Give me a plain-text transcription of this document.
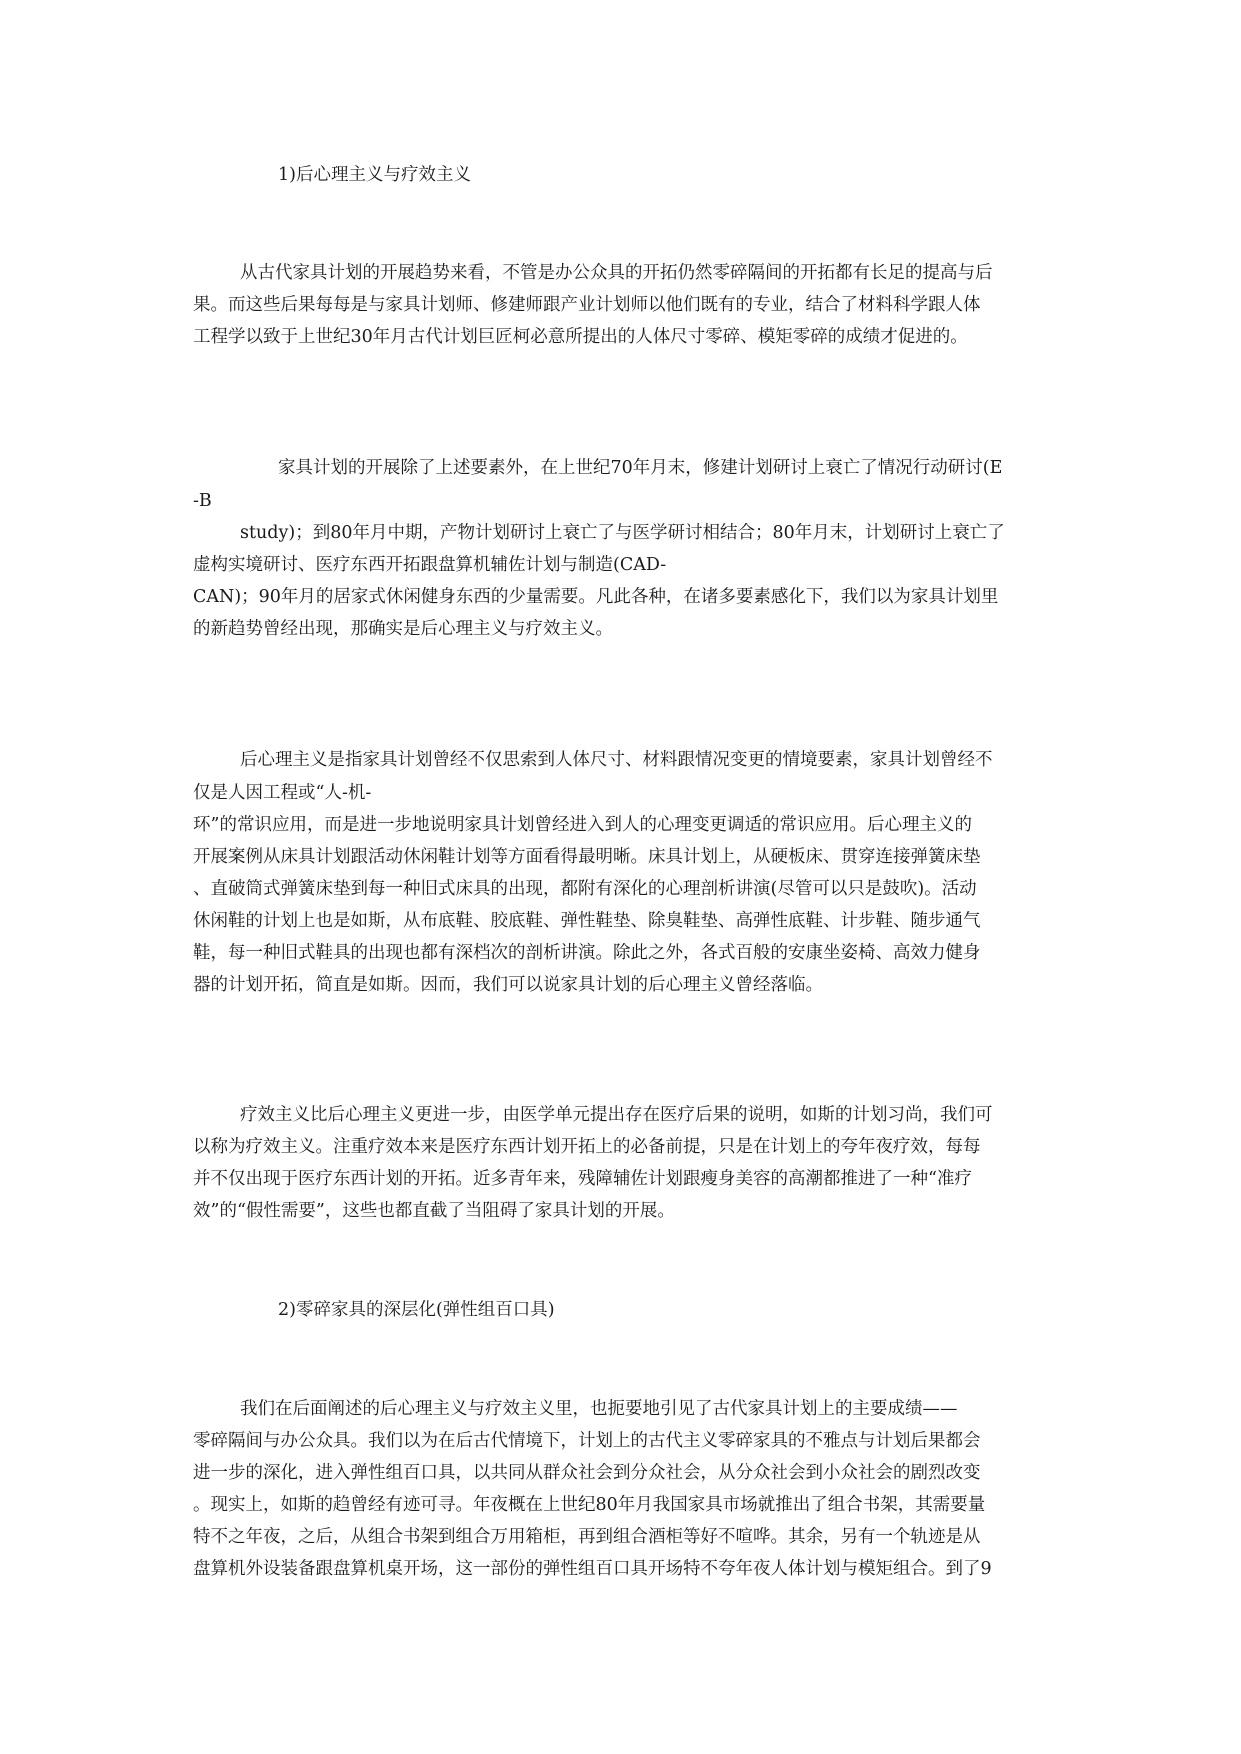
1)后心理主义与疗效主义
从古代家具计划的开展趋势来看，不管是办公众具的开拓仍然零碎隔间的开拓都有长足的提高与后
果。而这些后果每每是与家具计划师、修建师跟产业计划师以他们既有的专业，结合了材料科学跟人体
工程学以致于上世纪30年月古代计划巨匠柯必意所提出的人体尺寸零碎、模矩零碎的成绩才促进的。
家具计划的开展除了上述要素外，在上世纪70年月末，修建计划研讨上衰亡了情况行动研讨(E
-B
study)；到80年月中期，产物计划研讨上衰亡了与医学研讨相结合；80年月末，计划研讨上衰亡了
虚构实境研讨、医疗东西开拓跟盘算机辅佐计划与制造(CAD-
CAN)；90年月的居家式休闲健身东西的少量需要。凡此各种，在诸多要素感化下，我们以为家具计划里
的新趋势曾经出现，那确实是后心理主义与疗效主义。
后心理主义是指家具计划曾经不仅思索到人体尺寸、材料跟情况变更的情境要素，家具计划曾经不
仅是人因工程或“人-机-
环”的常识应用，而是进一步地说明家具计划曾经进入到人的心理变更调适的常识应用。后心理主义的
开展案例从床具计划跟活动休闲鞋计划等方面看得最明晰。床具计划上，从硬板床、贯穿连接弹簧床垫
、直破筒式弹簧床垫到每一种旧式床具的出现，都附有深化的心理剖析讲演(尽管可以只是鼓吹)。活动
休闲鞋的计划上也是如斯，从布底鞋、胶底鞋、弹性鞋垫、除臭鞋垫、高弹性底鞋、计步鞋、随步通气
鞋，每一种旧式鞋具的出现也都有深档次的剖析讲演。除此之外，各式百般的安康坐姿椅、高效力健身
器的计划开拓，简直是如斯。因而，我们可以说家具计划的后心理主义曾经落临。
疗效主义比后心理主义更进一步，由医学单元提出存在医疗后果的说明，如斯的计划习尚，我们可
以称为疗效主义。注重疗效本来是医疗东西计划开拓上的必备前提，只是在计划上的夸年夜疗效，每每
并不仅出现于医疗东西计划的开拓。近多青年来，残障辅佐计划跟瘦身美容的高潮都推进了一种“准疗
效”的“假性需要”，这些也都直截了当阻碍了家具计划的开展。
2)零碎家具的深层化(弹性组百口具)
我们在后面阐述的后心理主义与疗效主义里，也扼要地引见了古代家具计划上的主要成绩——
零碎隔间与办公众具。我们以为在后古代情境下，计划上的古代主义零碎家具的不雅点与计划后果都会
进一步的深化，进入弹性组百口具，以共同从群众社会到分众社会，从分众社会到小众社会的剧烈改变
。现实上，如斯的趋曾经有迹可寻。年夜概在上世纪80年月我国家具市场就推出了组合书架，其需要量
特不之年夜，之后，从组合书架到组合万用箱柜，再到组合酒柜等好不喧哗。其余，另有一个轨迹是从
盘算机外设装备跟盘算机桌开场，这一部份的弹性组百口具开场特不夸年夜人体计划与模矩组合。到了9
